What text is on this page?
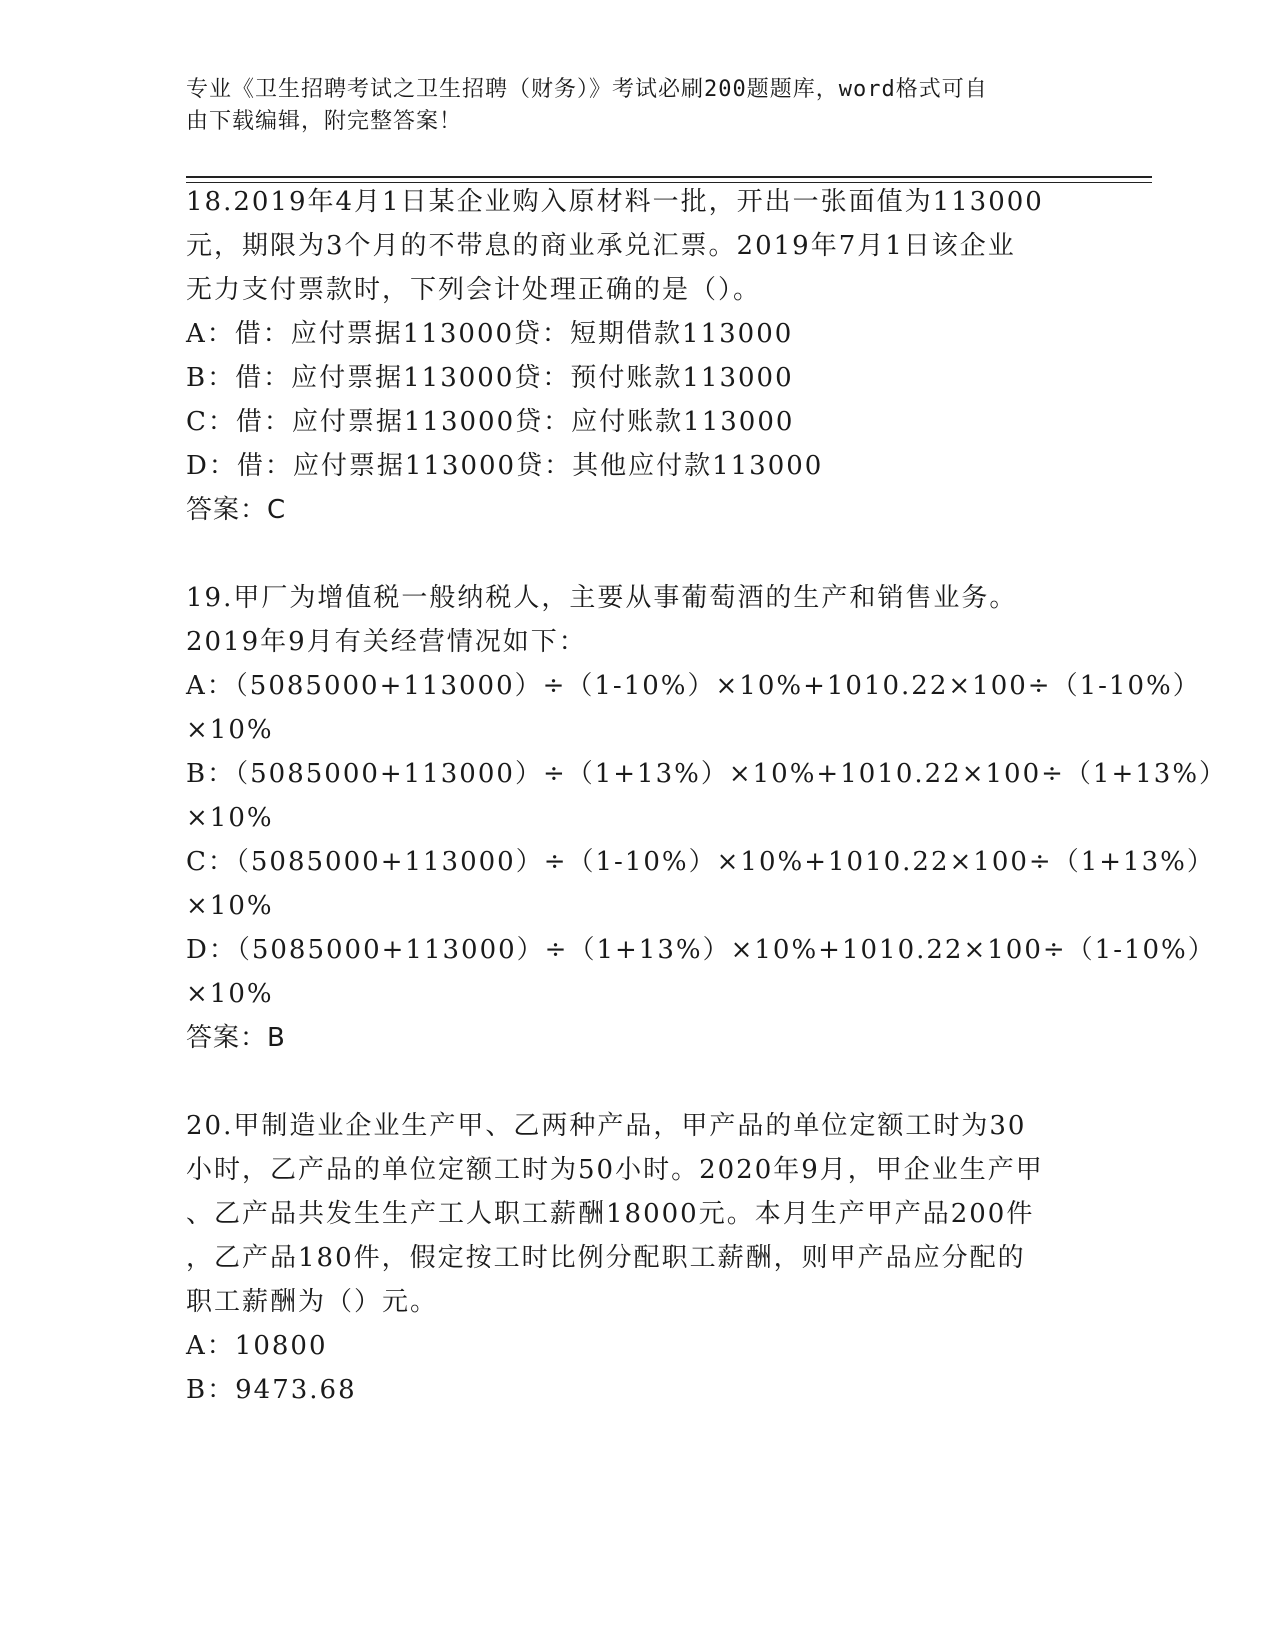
专业《卫生招聘考试之卫生招聘（财务）》考试必刷200题题库，word格式可自
由下载编辑，附完整答案！
18.2019年4月1日某企业购入原材料一批，开出一张面值为113000
元，期限为3个月的不带息的商业承兑汇票。2019年7月1日该企业
无力支付票款时，下列会计处理正确的是（）。
A：借：应付票据113000贷：短期借款113000
B：借：应付票据113000贷：预付账款113000
C：借：应付票据113000贷：应付账款113000
D：借：应付票据113000贷：其他应付款113000
答案：C
19.甲厂为增值税一般纳税人，主要从事葡萄酒的生产和销售业务。
2019年9月有关经营情况如下：
A：（5085000+113000）÷（1-10%）×10%+1010.22×100÷（1-10%）
×10%
B：（5085000+113000）÷（1+13%）×10%+1010.22×100÷（1+13%）
×10%
C：（5085000+113000）÷（1-10%）×10%+1010.22×100÷（1+13%）
×10%
D：（5085000+113000）÷（1+13%）×10%+1010.22×100÷（1-10%）
×10%
答案：B
20.甲制造业企业生产甲、乙两种产品，甲产品的单位定额工时为30
小时，乙产品的单位定额工时为50小时。2020年9月，甲企业生产甲
、乙产品共发生生产工人职工薪酬18000元。本月生产甲产品200件
，乙产品180件，假定按工时比例分配职工薪酬，则甲产品应分配的
职工薪酬为（）元。
A：10800
B：9473.68
